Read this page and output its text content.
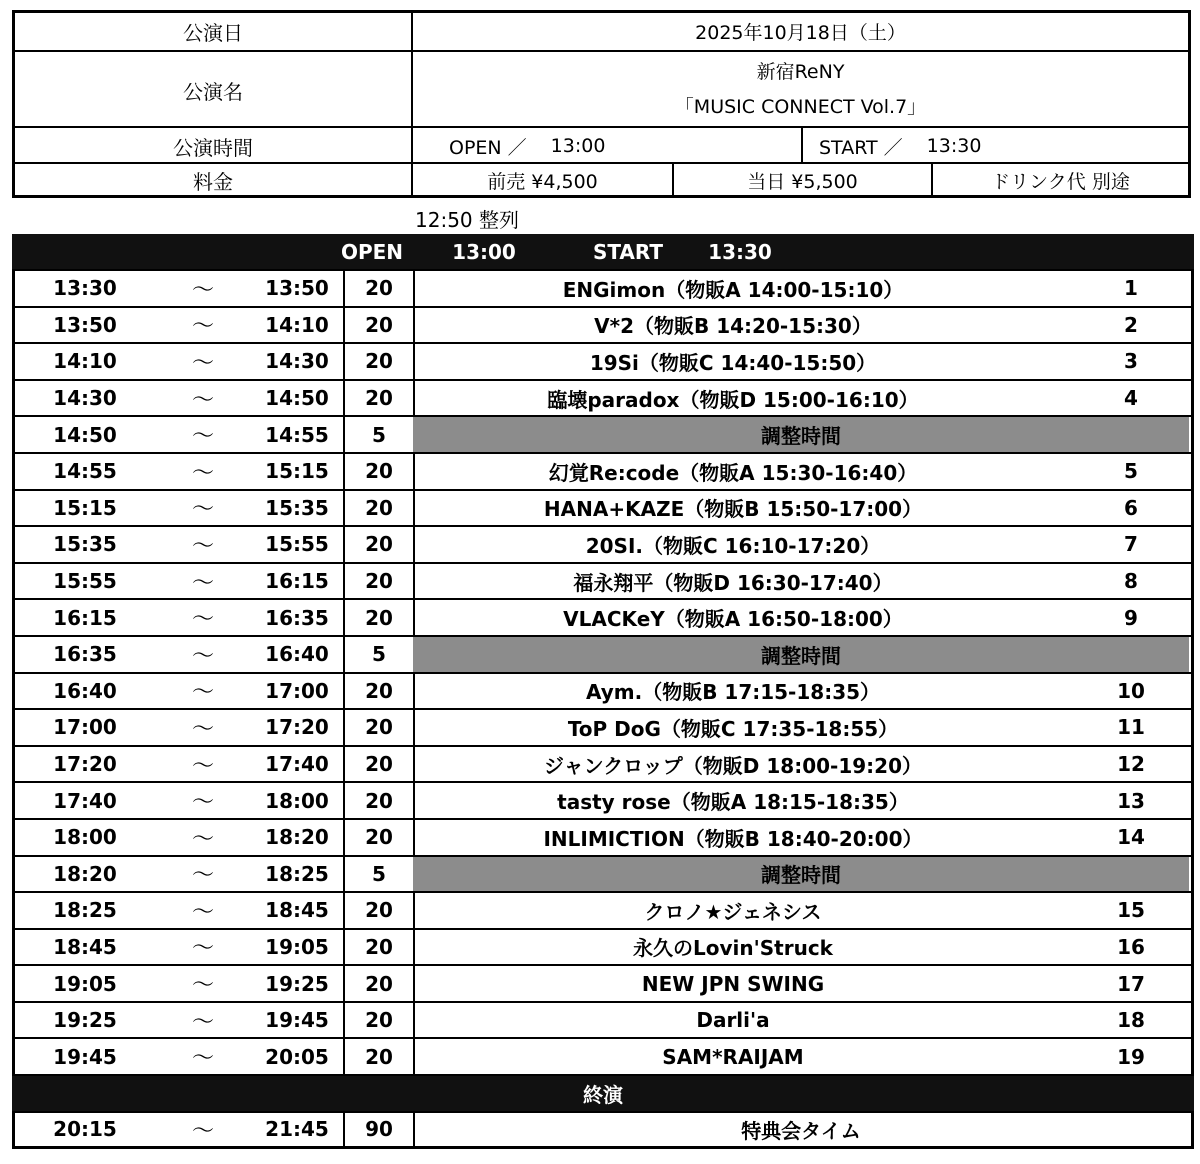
公演日	2025年10月18日（土）
公演名
新宿ReNY
「MUSIC CONNECT Vol.7」
公演時間	OPEN ／ 13:00	START ／ 13:30
料金	前売 ¥4,500	当日 ¥5,500	ドリンク代 別途
12:50 整列
OPEN	13:00	START	13:30
13:30	〜	13:50	20	ENGimon（物販A 14:00-15:10）	1
13:50	〜	14:10	20	V*2（物販B 14:20-15:30）	2
14:10	〜	14:30	20	19Si（物販C 14:40-15:50）	3
14:30	〜	14:50	20	臨壊paradox（物販D 15:00-16:10）	4
14:50	〜	14:55	5	調整時間
14:55	〜	15:15	20	幻覚Re:code（物販A 15:30-16:40）	5
15:15	〜	15:35	20	HANA+KAZE（物販B 15:50-17:00）	6
15:35	〜	15:55	20	20SI.（物販C 16:10-17:20）	7
15:55	〜	16:15	20	福永翔平（物販D 16:30-17:40）	8
16:15	〜	16:35	20	VLACKeY（物販A 16:50-18:00）	9
16:35	〜	16:40	5	調整時間
16:40	〜	17:00	20	Aym.（物販B 17:15-18:35）	10
17:00	〜	17:20	20	ToP DoG（物販C 17:35-18:55）	11
17:20	〜	17:40	20	ジャンクロップ（物販D 18:00-19:20）	12
17:40	〜	18:00	20	tasty rose（物販A 18:15-18:35）	13
18:00	〜	18:20	20	INLIMICTION（物販B 18:40-20:00）	14
18:20	〜	18:25	5	調整時間
18:25	〜	18:45	20	クロノ★ジェネシス	15
18:45	〜	19:05	20	永久のLovin'Struck	16
19:05	〜	19:25	20	NEW JPN SWING	17
19:25	〜	19:45	20	Darli'a	18
19:45	〜	20:05	20	SAM*RAIJAM	19
終演
20:15	〜	21:45	90	特典会タイム
